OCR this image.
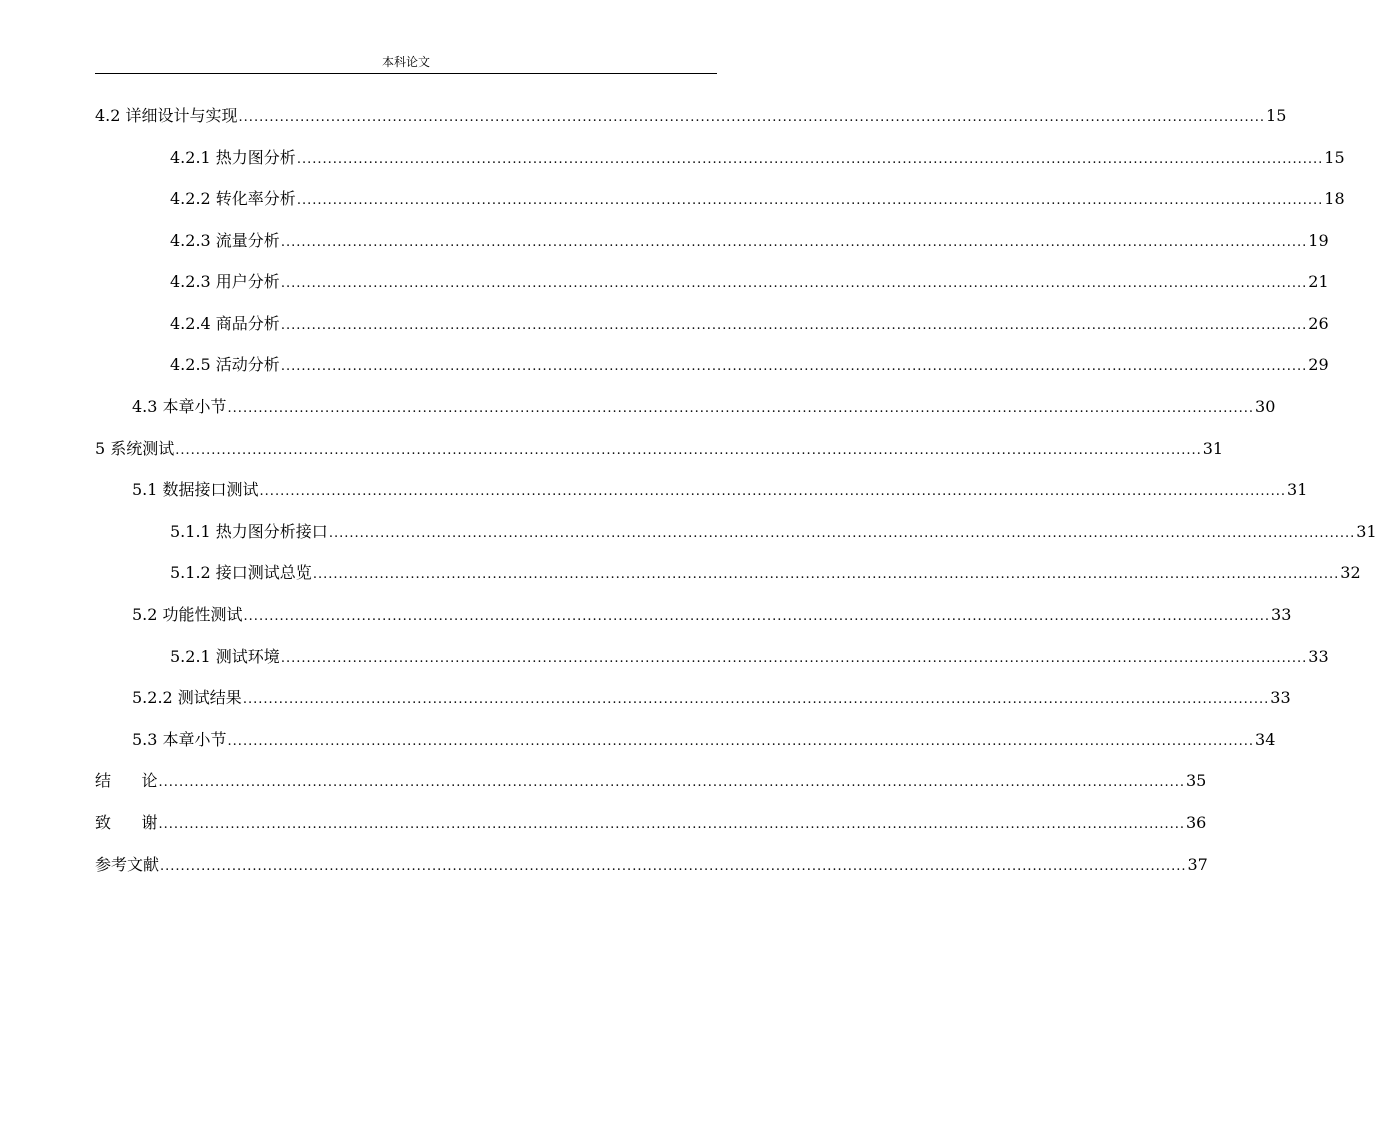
本科论文
4.2 详细设计与实现 ........................................................................................................................................................................................................ 15
4.2.1 热力图分析 ........................................................................................................................................................................................................ 15
4.2.2 转化率分析 ........................................................................................................................................................................................................ 18
4.2.3 流量分析 ........................................................................................................................................................................................................ 19
4.2.3 用户分析 ........................................................................................................................................................................................................ 21
4.2.4 商品分析 ........................................................................................................................................................................................................ 26
4.2.5 活动分析 ........................................................................................................................................................................................................ 29
4.3 本章小节 ........................................................................................................................................................................................................ 30
5 系统测试 ........................................................................................................................................................................................................ 31
5.1 数据接口测试 ........................................................................................................................................................................................................ 31
5.1.1 热力图分析接口 ........................................................................................................................................................................................................ 31
5.1.2 接口测试总览 ........................................................................................................................................................................................................ 32
5.2 功能性测试 ........................................................................................................................................................................................................ 33
5.2.1 测试环境 ........................................................................................................................................................................................................ 33
5.2.2 测试结果 ........................................................................................................................................................................................................ 33
5.3 本章小节 ........................................................................................................................................................................................................ 34
结      论 ........................................................................................................................................................................................................ 35
致      谢 ........................................................................................................................................................................................................ 36
参考文献 ........................................................................................................................................................................................................ 37
